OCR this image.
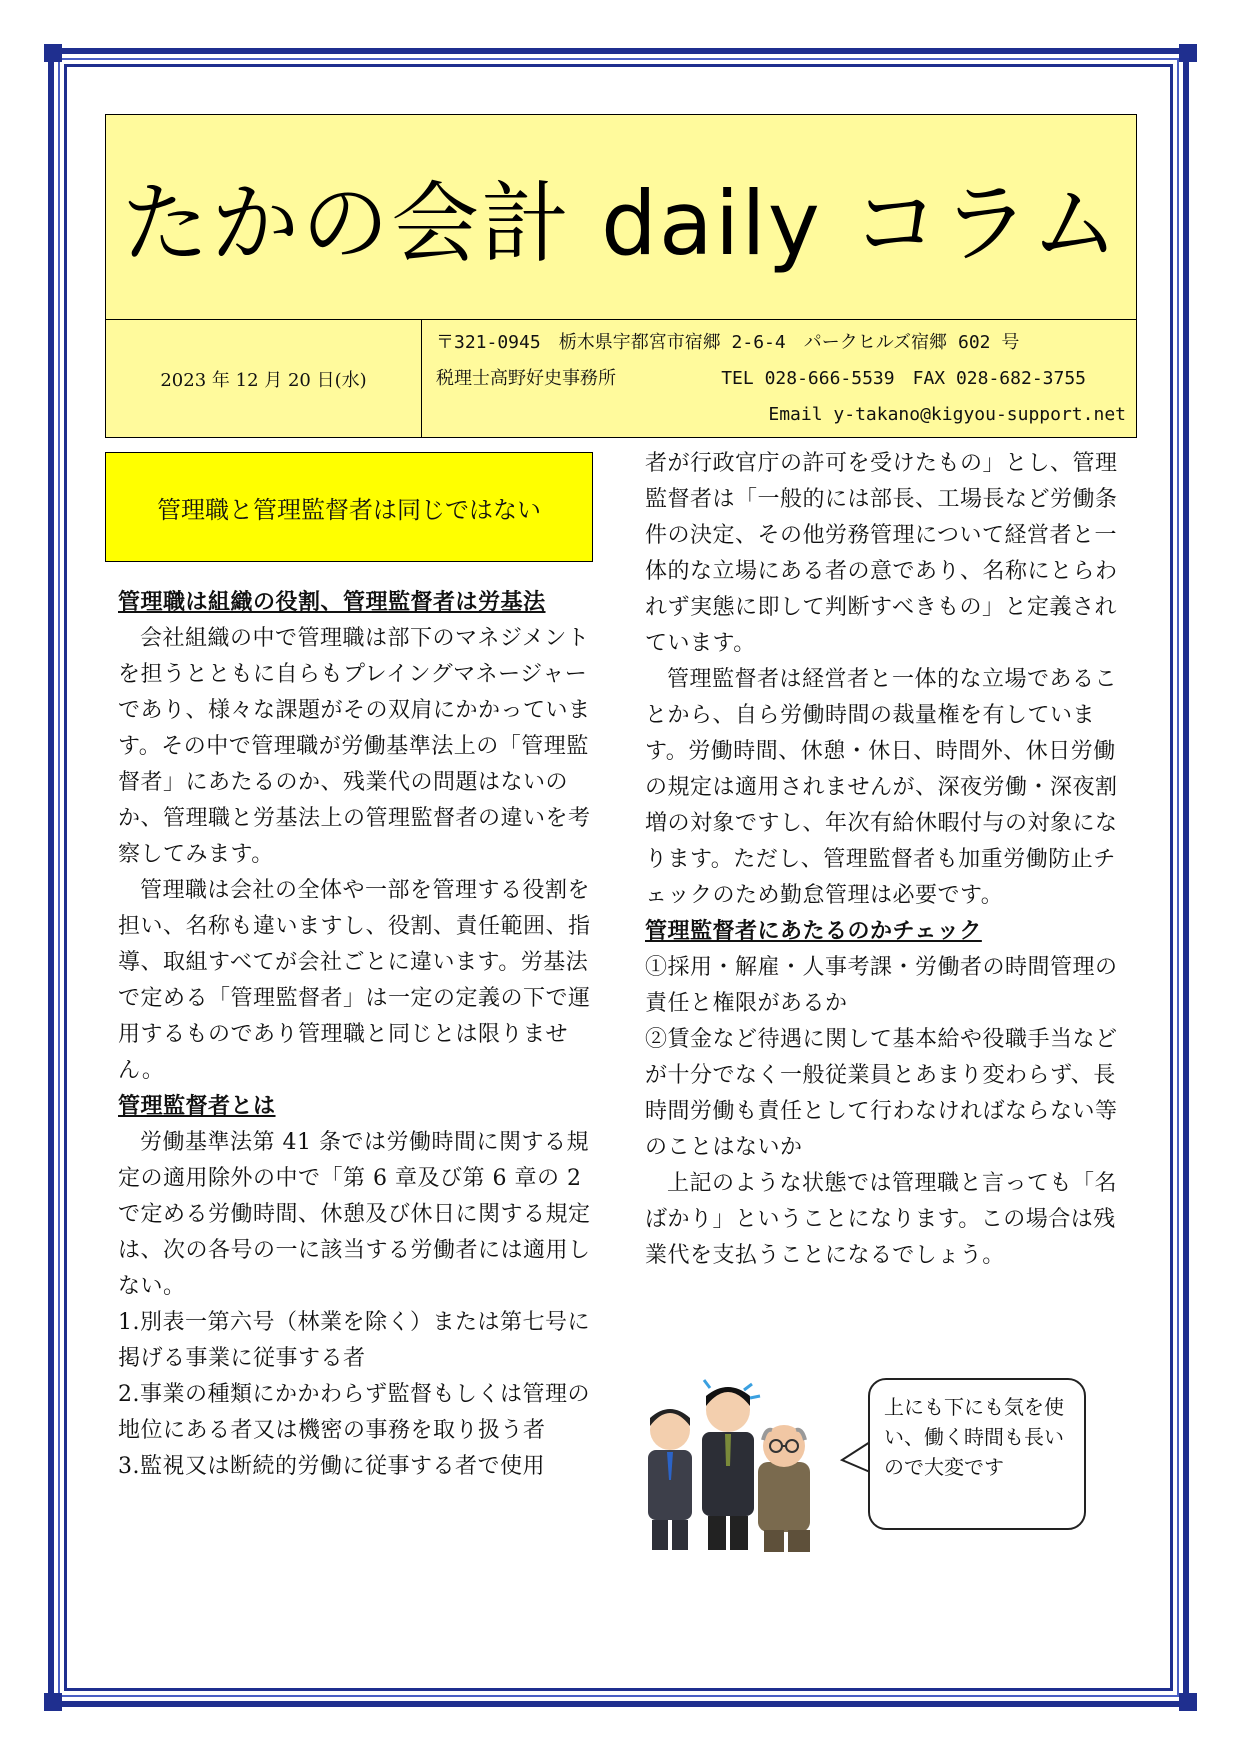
たかの会計 daily コラム
2023 年 12 月 20 日(水)
〒321-0945　栃木県宇都宮市宿郷 2-6-4　パークヒルズ宿郷 602 号
税理士高野好史事務所	TEL 028-666-5539　FAX 028-682-3755
Email y-takano@kigyou-support.net
管理職と管理監督者は同じではない

管理職は組織の役割、管理監督者は労基法

会社組織の中で管理職は部下のマネジメントを担うとともに自らもプレイングマネージャーであり、様々な課題がその双肩にかかっています。その中で管理職が労働基準法上の「管理監督者」にあたるのか、残業代の問題はないのか、管理職と労基法上の管理監督者の違いを考察してみます。

管理職は会社の全体や一部を管理する役割を担い、名称も違いますし、役割、責任範囲、指導、取組すべてが会社ごとに違います。労基法で定める「管理監督者」は一定の定義の下で運用するものであり管理職と同じとは限りません。

管理監督者とは

労働基準法第 41 条では労働時間に関する規定の適用除外の中で「第 6 章及び第 6 章の 2 で定める労働時間、休憩及び休日に関する規定は、次の各号の一に該当する労働者には適用しない。

1.別表一第六号（林業を除く）または第七号に掲げる事業に従事する者

2.事業の種類にかかわらず監督もしくは管理の地位にある者又は機密の事務を取り扱う者

3.監視又は断続的労働に従事する者で使用

者が行政官庁の許可を受けたもの」とし、管理監督者は「一般的には部長、工場長など労働条件の決定、その他労務管理について経営者と一体的な立場にある者の意であり、名称にとらわれず実態に即して判断すべきもの」と定義されています。

管理監督者は経営者と一体的な立場であることから、自ら労働時間の裁量権を有しています。労働時間、休憩・休日、時間外、休日労働の規定は適用されませんが、深夜労働・深夜割増の対象ですし、年次有給休暇付与の対象になります。ただし、管理監督者も加重労働防止チェックのため勤怠管理は必要です。

管理監督者にあたるのかチェック

①採用・解雇・人事考課・労働者の時間管理の責任と権限があるか

②賃金など待遇に関して基本給や役職手当などが十分でなく一般従業員とあまり変わらず、長時間労働も責任として行わなければならない等のことはないか

上記のような状態では管理職と言っても「名ばかり」ということになります。この場合は残業代を支払うことになるでしょう。

上にも下にも気を使い、働く時間も長いので大変です
